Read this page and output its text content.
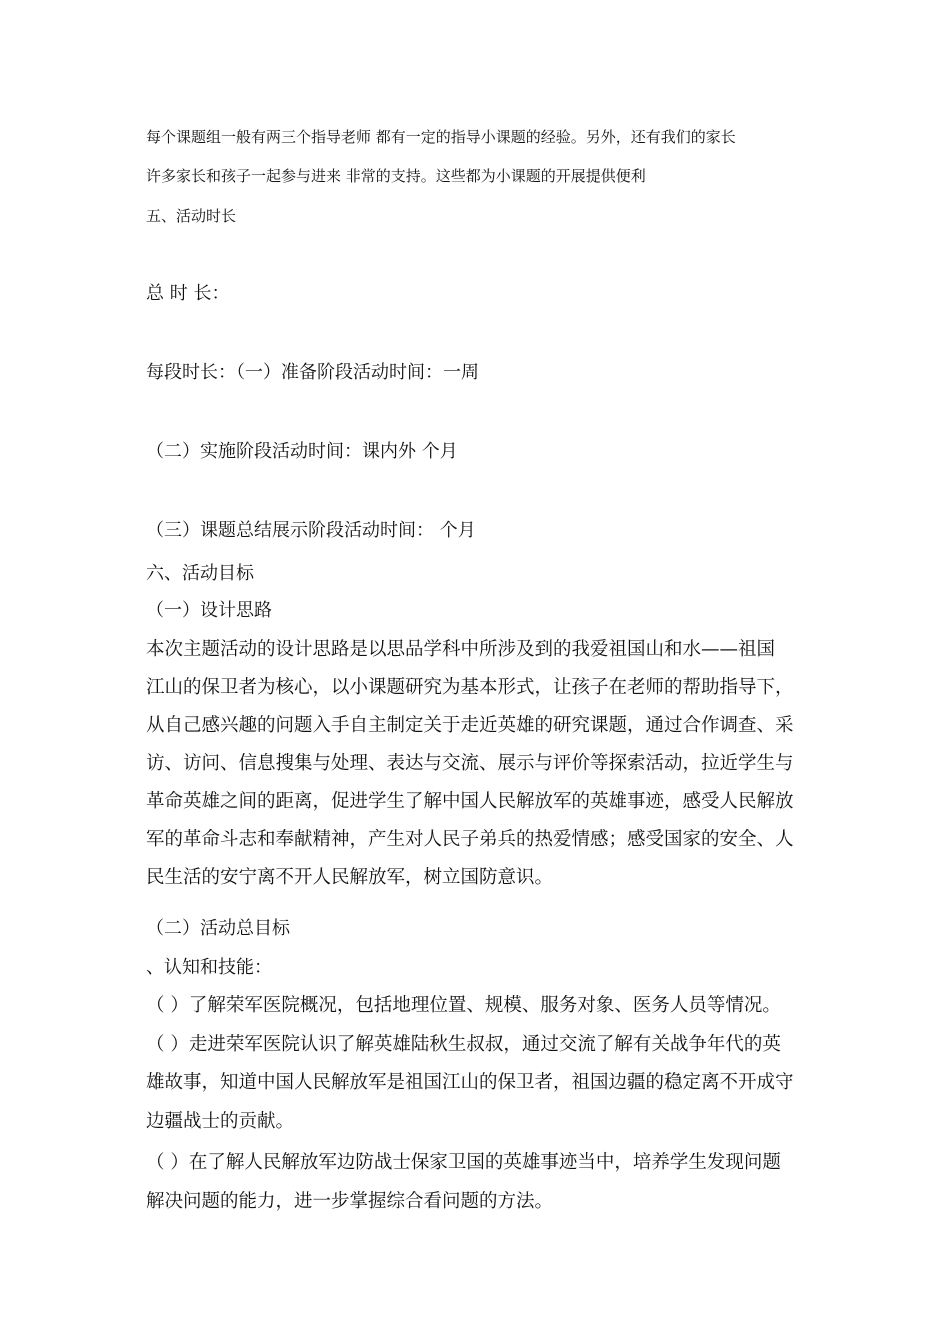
每个课题组一般有两三个指导老师 都有一定的指导小课题的经验。另外，还有我们的家长
许多家长和孩子一起参与进来 非常的支持。这些都为小课题的开展提供便利
五、活动时长
总 时 长：
每段时长：（一）准备阶段活动时间：一周
（二）实施阶段活动时间：课内外 个月
（三）课题总结展示阶段活动时间： 个月
六、活动目标
（一）设计思路
本次主题活动的设计思路是以思品学科中所涉及到的我爱祖国山和水——祖国
江山的保卫者为核心，以小课题研究为基本形式，让孩子在老师的帮助指导下，
从自己感兴趣的问题入手自主制定关于走近英雄的研究课题，通过合作调查、采
访、访问、信息搜集与处理、表达与交流、展示与评价等探索活动，拉近学生与
革命英雄之间的距离，促进学生了解中国人民解放军的英雄事迹，感受人民解放
军的革命斗志和奉献精神，产生对人民子弟兵的热爱情感；感受国家的安全、人
民生活的安宁离不开人民解放军，树立国防意识。
（二）活动总目标
、认知和技能：
（ ）了解荣军医院概况，包括地理位置、规模、服务对象、医务人员等情况。
（ ）走进荣军医院认识了解英雄陆秋生叔叔，通过交流了解有关战争年代的英
雄故事，知道中国人民解放军是祖国江山的保卫者，祖国边疆的稳定离不开成守
边疆战士的贡献。
（ ）在了解人民解放军边防战士保家卫国的英雄事迹当中，培养学生发现问题
解决问题的能力，进一步掌握综合看问题的方法。
